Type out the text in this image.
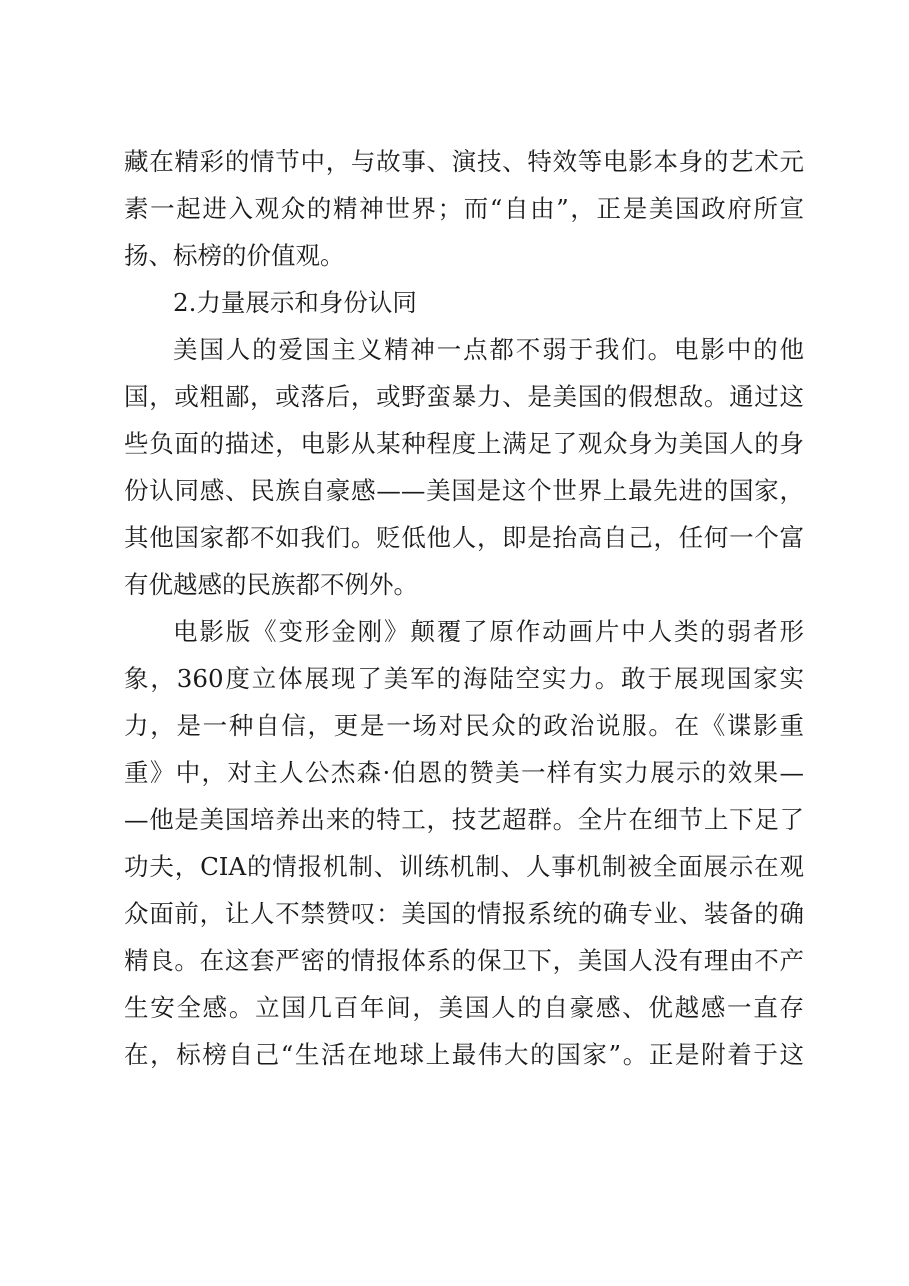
藏在精彩的情节中，与故事、演技、特效等电影本身的艺术元
素一起进入观众的精神世界；而“自由”，正是美国政府所宣
扬、标榜的价值观。
2.力量展示和身份认同
美国人的爱国主义精神一点都不弱于我们。电影中的他
国，或粗鄙，或落后，或野蛮暴力、是美国的假想敌。通过这
些负面的描述，电影从某种程度上满足了观众身为美国人的身
份认同感、民族自豪感——美国是这个世界上最先进的国家，
其他国家都不如我们。贬低他人，即是抬高自己，任何一个富
有优越感的民族都不例外。
电影版《变形金刚》颠覆了原作动画片中人类的弱者形
象，360度立体展现了美军的海陆空实力。敢于展现国家实
力，是一种自信，更是一场对民众的政治说服。在《谍影重
重》中，对主人公杰森·伯恩的赞美一样有实力展示的效果—
—他是美国培养出来的特工，技艺超群。全片在细节上下足了
功夫，CIA的情报机制、训练机制、人事机制被全面展示在观
众面前，让人不禁赞叹：美国的情报系统的确专业、装备的确
精良。在这套严密的情报体系的保卫下，美国人没有理由不产
生安全感。立国几百年间，美国人的自豪感、优越感一直存
在，标榜自己“生活在地球上最伟大的国家”。正是附着于这
